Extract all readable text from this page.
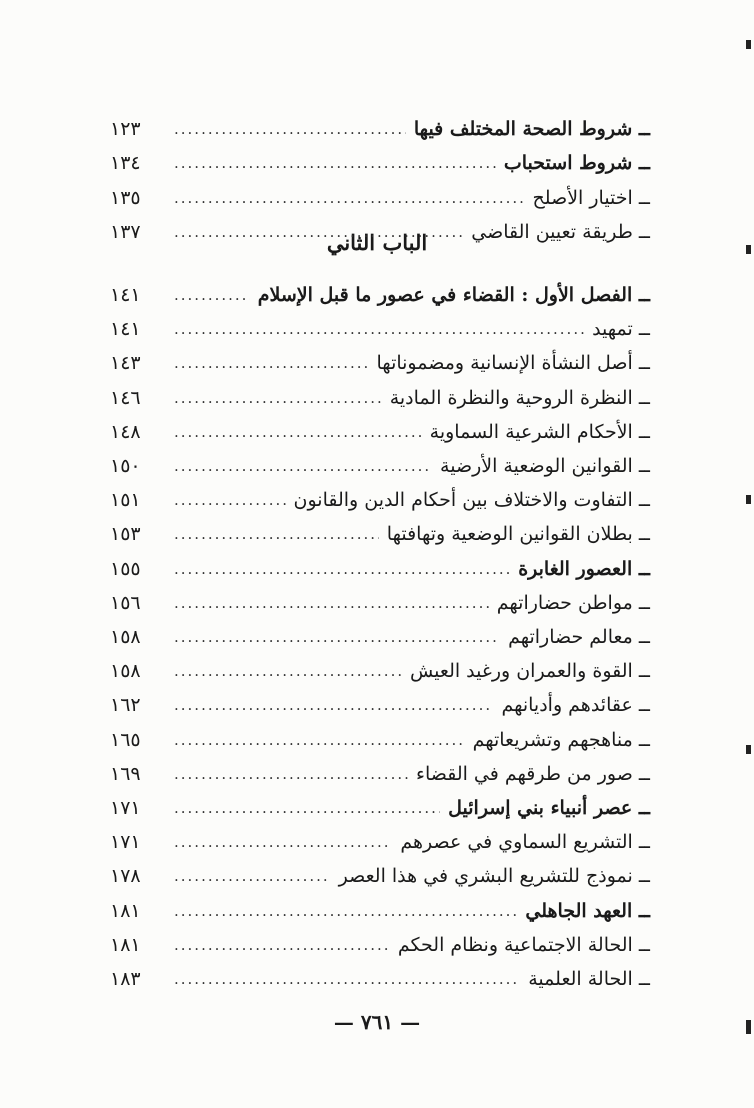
الباب الثاني
ــ شروط الصحة المختلف فيها
.....
١٢٣
ــ شروط استحباب
.....
١٣٤
ــ اختيار الأصلح
.....
١٣٥
ــ طريقة تعيين القاضي
.....
١٣٧
ــ الفصل الأول : القضاء في عصور ما قبل الإسلام
.....
١٤١
ــ تمهيد
.....
١٤١
ــ أصل النشأة الإنسانية ومضموناتها
.....
١٤٣
ــ النظرة الروحية والنظرة المادية
.....
١٤٦
ــ الأحكام الشرعية السماوية
.....
١٤٨
ــ القوانين الوضعية الأرضية
.....
١٥٠
ــ التفاوت والاختلاف بين أحكام الدين والقانون
.....
١٥١
ــ بطلان القوانين الوضعية وتهافتها
.....
١٥٣
ــ العصور الغابرة
.....
١٥٥
ــ مواطن حضاراتهم
.....
١٥٦
ــ معالم حضاراتهم
.....
١٥٨
ــ القوة والعمران ورغيد العيش
.....
١٥٨
ــ عقائدهم وأديانهم
.....
١٦٢
ــ مناهجهم وتشريعاتهم
.....
١٦٥
ــ صور من طرقهم في القضاء
.....
١٦٩
ــ عصر أنبياء بني إسرائيل
.....
١٧١
ــ التشريع السماوي في عصرهم
.....
١٧١
ــ نموذج للتشريع البشري في هذا العصر
.....
١٧٨
ــ العهد الجاهلي
.....
١٨١
ــ الحالة الاجتماعية ونظام الحكم
.....
١٨١
ــ الحالة العلمية
.....
١٨٣
— ٧٦١ —
